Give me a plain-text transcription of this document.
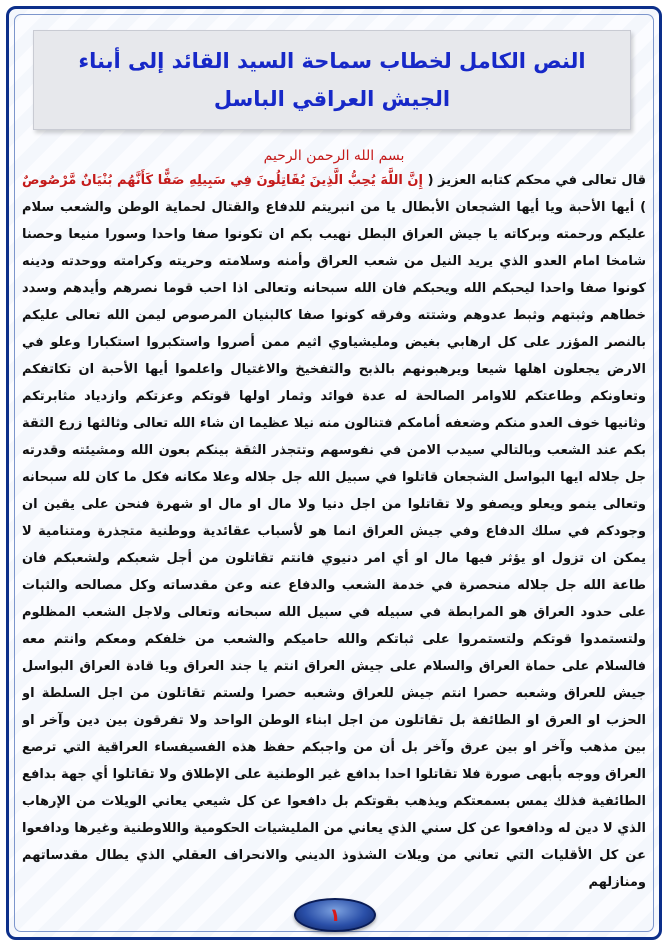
النص الكامل لخطاب سماحة السيد القائد إلى أبناء الجيش العراقي الباسل
بسم الله الرحمن الرحيم
قال تعالى في محكم كتابه العزيز ( إِنَّ اللَّهَ يُحِبُّ الَّذِينَ يُقَاتِلُونَ فِي سَبِيلِهِ صَفًّا كَأَنَّهُم بُنْيَانٌ مَّرْصُوصٌ ) أيها الأحبة ويا أيها الشجعان الأبطال يا من انبريتم للدفاع والقتال لحماية الوطن والشعب سلام عليكم ورحمته وبركاته يا جيش العراق البطل نهيب بكم ان تكونوا صفا واحدا وسورا منيعا وحصنا شامخا امام العدو الذي يريد النيل من شعب العراق وأمنه وسلامته وحريته وكرامته ووحدته ودينه كونوا صفا واحدا ليحبكم الله ويحبكم فان الله سبحانه وتعالى اذا احب قوما نصرهم وأيدهم وسدد خطاهم وثبتهم وثبط عدوهم وشتته وفرقه كونوا صفا كالبنيان المرصوص ليمن الله تعالى عليكم بالنصر المؤزر على كل ارهابي بغيض ومليشياوي اثيم ممن أصروا واستكبروا استكبارا وعلو في الارض يجعلون اهلها شيعا ويرهبونهم بالذبح والتفخيخ والاغتيال واعلموا أيها الأحبة ان تكاتفكم وتعاونكم وطاعتكم للاوامر الصالحة له عدة فوائد وثمار اولها قوتكم وعزتكم وازدياد مثابرتكم وثانيها خوف العدو منكم وضعفه أمامكم فتنالون منه نيلا عظيما ان شاء الله تعالى وثالثها زرع الثقة بكم عند الشعب وبالتالي سيدب الامن في نفوسهم وتتجذر الثقة بينكم بعون الله ومشيئته وقدرته جل جلاله ايها البواسل الشجعان قاتلوا في سبيل الله جل جلاله وعلا مكانه فكل ما كان لله سبحانه وتعالى ينمو ويعلو ويصفو ولا تقاتلوا من اجل دنيا ولا مال او مال او شهرة فنحن على يقين ان وجودكم في سلك الدفاع وفي جيش العراق انما هو لأسباب عقائدية ووطنية متجذرة ومتنامية لا يمكن ان تزول او يؤثر فيها مال او أي امر دنيوي فانتم تقاتلون من أجل شعبكم ولشعبكم فان طاعة الله جل جلاله منحصرة في خدمة الشعب والدفاع عنه وعن مقدساته وكل مصالحه والثبات على حدود العراق هو المرابطة في سبيله في سبيل الله سبحانه وتعالى ولاجل الشعب المظلوم ولتستمدوا قوتكم ولتستمروا على ثباتكم والله حاميكم والشعب من خلفكم ومعكم وانتم معه فالسلام على حماة العراق والسلام على جيش العراق انتم يا جند العراق ويا قادة العراق البواسل جيش للعراق وشعبه حصرا انتم جيش للعراق وشعبه حصرا ولستم تقاتلون من اجل السلطة او الحزب او العرق او الطائفة بل تقاتلون من اجل ابناء الوطن الواحد ولا تفرقون بين دين وآخر او بين مذهب وآخر او بين عرق وآخر بل أن من واجبكم حفظ هذه الفسيفساء العراقية التي ترصع العراق ووجه بأبهى صورة فلا تقاتلوا احدا بدافع غير الوطنية على الإطلاق ولا تقاتلوا أي جهة بدافع الطائفية فذلك يمس بسمعتكم ويذهب بقوتكم بل دافعوا عن كل شيعي يعاني الويلات من الإرهاب الذي لا دين له ودافعوا عن كل سني الذي يعاني من المليشيات الحكومية واللاوطنية وغيرها ودافعوا عن كل الأقليات التي تعاني من ويلات الشذوذ الديني والانحراف العقلي الذي يطال مقدساتهم ومنازلهم
١
